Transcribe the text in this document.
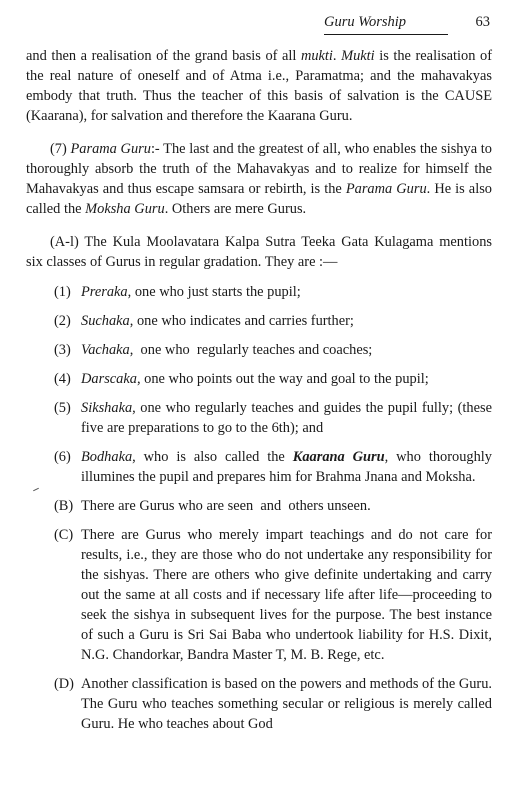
Guru Worship	63

and then a realisation of the grand basis of all mukti. Mukti is the realisation of the real nature of oneself and of Atma i.e., Paramatma; and the mahavakyas embody that truth. Thus the teacher of this basis of salvation is the CAUSE (Kaarana), for salvation and therefore the Kaarana Guru.

(7) Parama Guru:- The last and the greatest of all, who enables the sishya to thoroughly absorb the truth of the Mahavakyas and to realize for himself the Mahavakyas and thus escape samsara or rebirth, is the Parama Guru. He is also called the Moksha Guru. Others are mere Gurus.

(A-l) The Kula Moolavatara Kalpa Sutra Teeka Gata Kulagama mentions six classes of Gurus in regular gradation. They are :—

(1) Preraka, one who just starts the pupil;
(2) Suchaka, one who indicates and carries further;
(3) Vachaka,  one who  regularly teaches and coaches;
(4) Darscaka, one who points out the way and goal to the pupil;
(5) Sikshaka, one who regularly teaches and guides the pupil fully; (these five are preparations to go to the 6th); and
(6) Bodhaka, who is also called the Kaarana Guru, who thoroughly illumines the pupil and prepares him for Brahma Jnana and Moksha.
(B) There are Gurus who are seen  and  others unseen.
(C) There are Gurus who merely impart teachings and do not care for results, i.e., they are those who do not undertake any responsibility for the sishyas. There are others who give definite undertaking and carry out the same at all costs and if necessary life after life—proceeding to seek the sishya in subsequent lives for the purpose. The best instance of such a Guru is Sri Sai Baba who undertook liability for H.S. Dixit, N.G. Chandorkar, Bandra Master T, M. B. Rege, etc.
(D) Another classification is based on the powers and methods of the Guru. The Guru who teaches something secular or religious is merely called Guru. He who teaches about God
